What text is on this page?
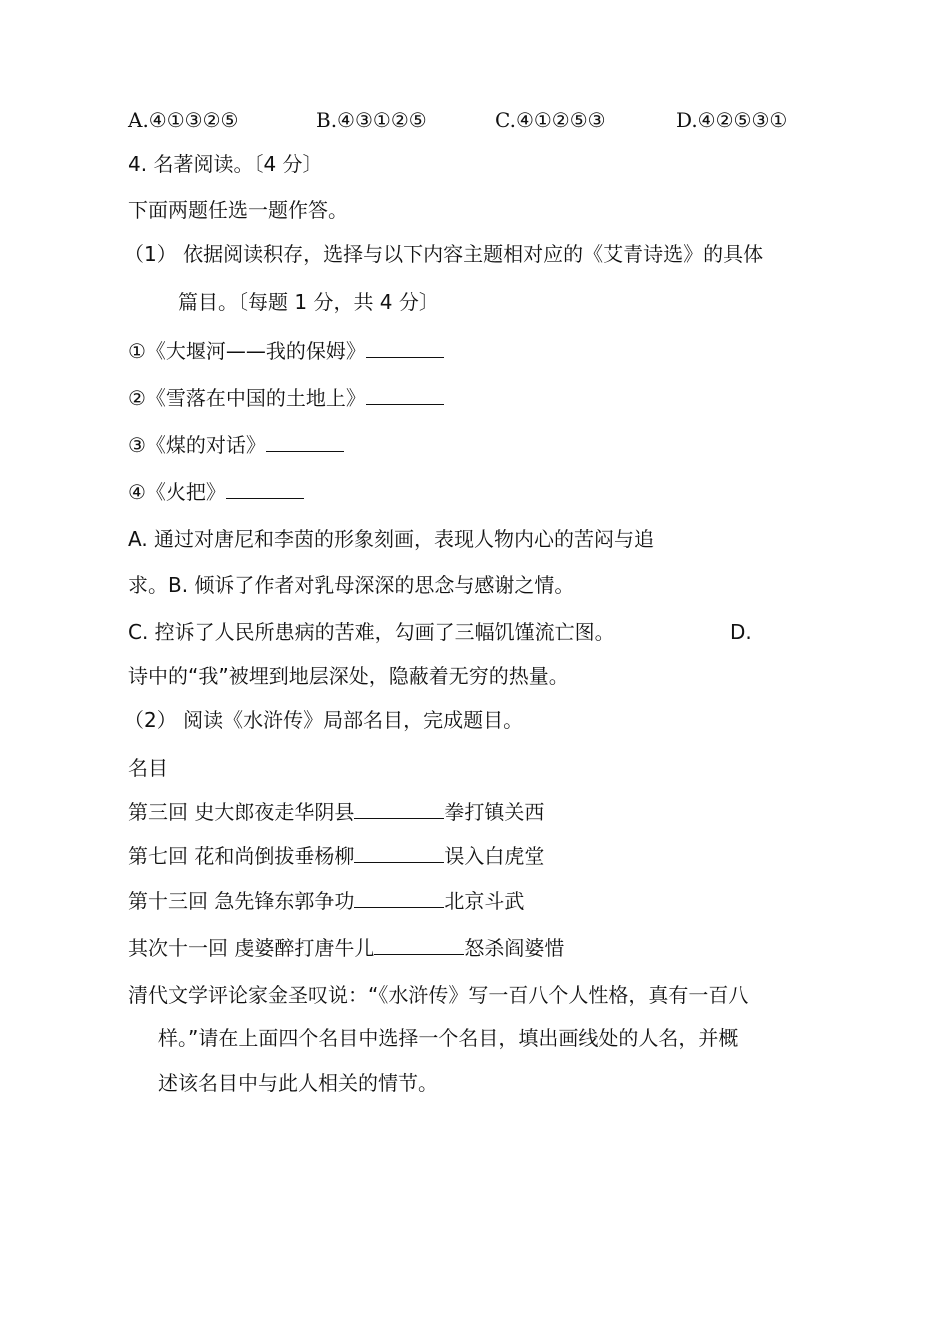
A.④①③②⑤	B.④③①②⑤	C.④①②⑤③	D.④②⑤③①
4. 名著阅读。〔4 分〕
下面两题任选一题作答。
（1） 依据阅读积存，选择与以下内容主题相对应的《艾青诗选》的具体
篇目。〔每题 1 分，共 4 分〕
①《大堰河——我的保姆》
②《雪落在中国的土地上》
③《煤的对话》
④《火把》
A. 通过对唐尼和李茵的形象刻画，表现人物内心的苦闷与追
求。B. 倾诉了作者对乳母深深的思念与感谢之情。
C. 控诉了人民所患病的苦难，勾画了三幅饥馑流亡图。	D.
诗中的“我”被埋到地层深处，隐蔽着无穷的热量。
（2） 阅读《水浒传》局部名目，完成题目。
名目
第三回 史大郎夜走华阴县	拳打镇关西
第七回 花和尚倒拔垂杨柳	误入白虎堂
第十三回 急先锋东郭争功	北京斗武
其次十一回 虔婆醉打唐牛儿	怒杀阎婆惜
清代文学评论家金圣叹说：“《水浒传》写一百八个人性格，真有一百八
样。”请在上面四个名目中选择一个名目，填出画线处的人名，并概
述该名目中与此人相关的情节。
